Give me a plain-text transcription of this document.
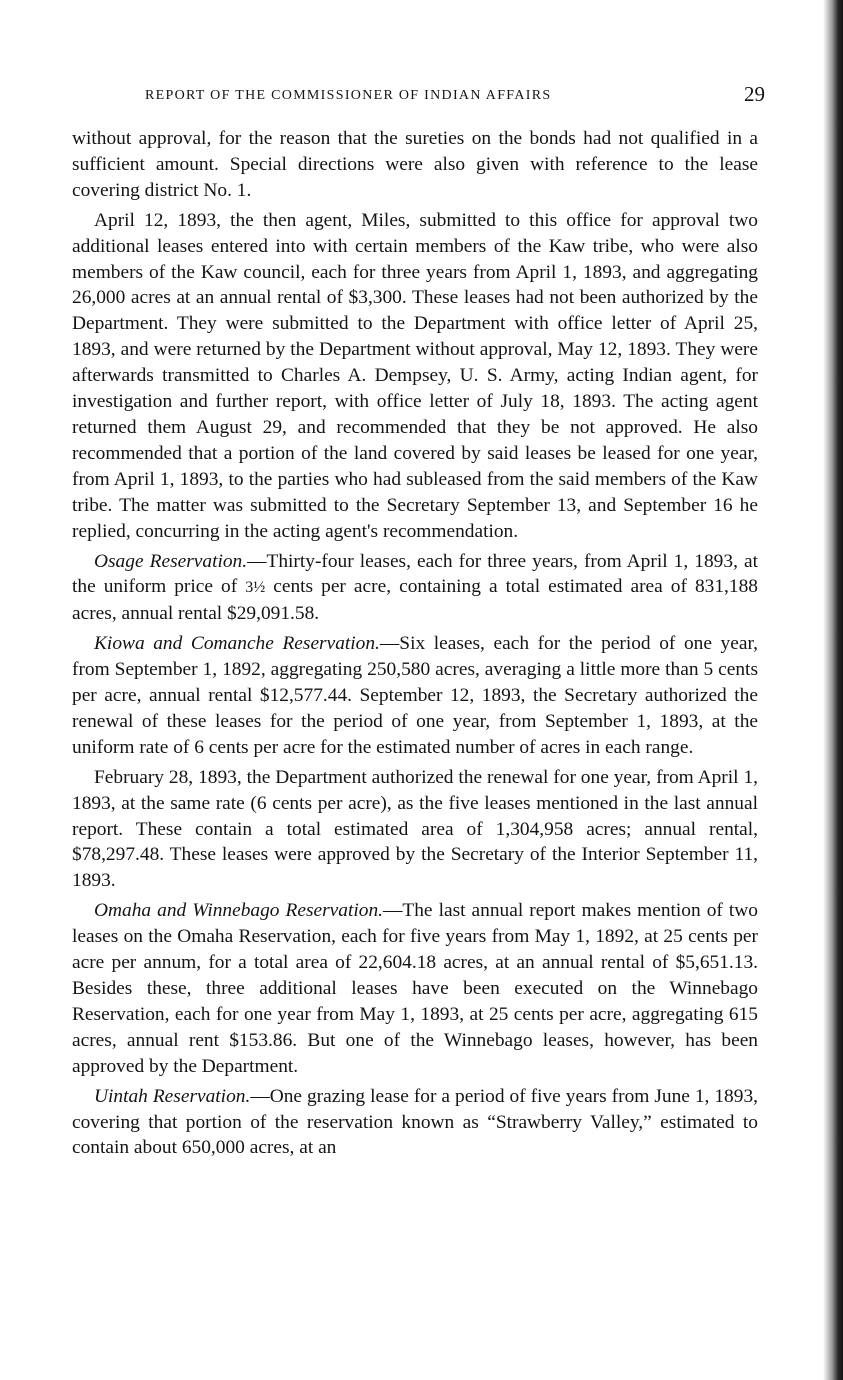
REPORT OF THE COMMISSIONER OF INDIAN AFFAIRS	29

without approval, for the reason that the sureties on the bonds had not qualified in a sufficient amount. Special directions were also given with reference to the lease covering district No. 1.

April 12, 1893, the then agent, Miles, submitted to this office for approval two additional leases entered into with certain members of the Kaw tribe, who were also members of the Kaw council, each for three years from April 1, 1893, and aggregating 26,000 acres at an annual rental of $3,300. These leases had not been authorized by the Department. They were submitted to the Department with office letter of April 25, 1893, and were returned by the Department without approval, May 12, 1893. They were afterwards transmitted to Charles A. Dempsey, U. S. Army, acting Indian agent, for investigation and further report, with office letter of July 18, 1893. The acting agent returned them August 29, and recommended that they be not approved. He also recommended that a portion of the land covered by said leases be leased for one year, from April 1, 1893, to the parties who had subleased from the said members of the Kaw tribe. The matter was submitted to the Secretary September 13, and September 16 he replied, concurring in the acting agent's recommendation.

Osage Reservation.—Thirty-four leases, each for three years, from April 1, 1893, at the uniform price of 3½ cents per acre, containing a total estimated area of 831,188 acres, annual rental $29,091.58.

Kiowa and Comanche Reservation.—Six leases, each for the period of one year, from September 1, 1892, aggregating 250,580 acres, averaging a little more than 5 cents per acre, annual rental $12,577.44. September 12, 1893, the Secretary authorized the renewal of these leases for the period of one year, from September 1, 1893, at the uniform rate of 6 cents per acre for the estimated number of acres in each range.

February 28, 1893, the Department authorized the renewal for one year, from April 1, 1893, at the same rate (6 cents per acre), as the five leases mentioned in the last annual report. These contain a total estimated area of 1,304,958 acres; annual rental, $78,297.48. These leases were approved by the Secretary of the Interior September 11, 1893.

Omaha and Winnebago Reservation.—The last annual report makes mention of two leases on the Omaha Reservation, each for five years from May 1, 1892, at 25 cents per acre per annum, for a total area of 22,604.18 acres, at an annual rental of $5,651.13. Besides these, three additional leases have been executed on the Winnebago Reservation, each for one year from May 1, 1893, at 25 cents per acre, aggregating 615 acres, annual rent $153.86. But one of the Winnebago leases, however, has been approved by the Department.

Uintah Reservation.—One grazing lease for a period of five years from June 1, 1893, covering that portion of the reservation known as “Strawberry Valley,” estimated to contain about 650,000 acres, at an
